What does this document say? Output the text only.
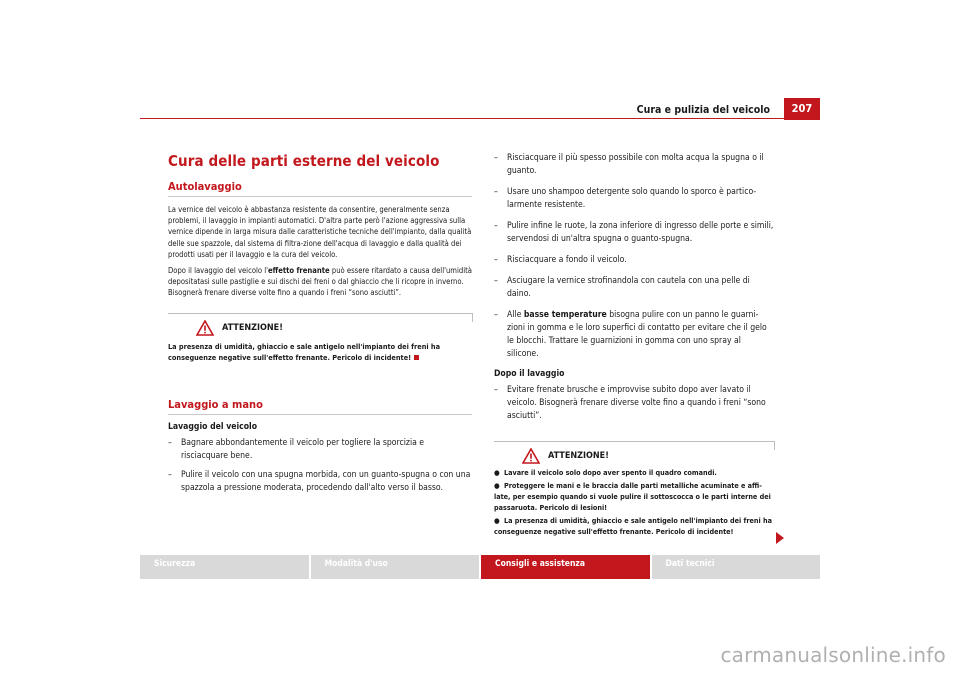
Cura e pulizia del veicolo	207
Cura delle parti esterne del veicolo
Autolavaggio

La vernice del veicolo è abbastanza resistente da consentire, generalmente senza problemi, il lavaggio in impianti automatici. D'altra parte però l'azione aggressiva sulla vernice dipende in larga misura dalle caratteristiche tecniche dell'impianto, dalla qualità delle sue spazzole, dal sistema di filtra-zione dell'acqua di lavaggio e dalla qualità dei prodotti usati per il lavaggio e la cura del veicolo.

Dopo il lavaggio del veicolo l'effetto frenante può essere ritardato a causa dell'umidità depositatasi sulle pastiglie e sui dischi dei freni o dal ghiaccio che li ricopre in inverno. Bisognerà frenare diverse volte fino a quando i freni “sono asciutti”.

ATTENZIONE!

La presenza di umidità, ghiaccio e sale antigelo nell'impianto dei freni ha conseguenze negative sull'effetto frenante. Pericolo di incidente!

Lavaggio a mano
Lavaggio del veicolo
–	Bagnare abbondantemente il veicolo per togliere la sporcizia e risciacquare bene.
–	Pulire il veicolo con una spugna morbida, con un guanto-spugna o con una spazzola a pressione moderata, procedendo dall'alto verso il basso.
–	Risciacquare il più spesso possibile con molta acqua la spugna o il guanto.
–	Usare uno shampoo detergente solo quando lo sporco è partico-larmente resistente.
–	Pulire infine le ruote, la zona inferiore di ingresso delle porte e simili, servendosi di un'altra spugna o guanto-spugna.
–	Risciacquare a fondo il veicolo.
–	Asciugare la vernice strofinandola con cautela con una pelle di daino.
–	Alle basse temperature bisogna pulire con un panno le guarni-zioni in gomma e le loro superfici di contatto per evitare che il gelo le blocchi. Trattare le guarnizioni in gomma con uno spray al silicone.
Dopo il lavaggio
–	Evitare frenate brusche e improvvise subito dopo aver lavato il veicolo. Bisognerà frenare diverse volte fino a quando i freni “sono asciutti”.
ATTENZIONE!
● Lavare il veicolo solo dopo aver spento il quadro comandi.
● Proteggere le mani e le braccia dalle parti metalliche acuminate e affi-late, per esempio quando si vuole pulire il sottoscocca o le parti interne dei passaruota. Pericolo di lesioni!
● La presenza di umidità, ghiaccio e sale antigelo nell'impianto dei freni ha conseguenze negative sull'effetto frenante. Pericolo di incidente!
Sicurezza	Modalità d'uso	Consigli e assistenza	Dati tecnici
carmanualsonline.info
